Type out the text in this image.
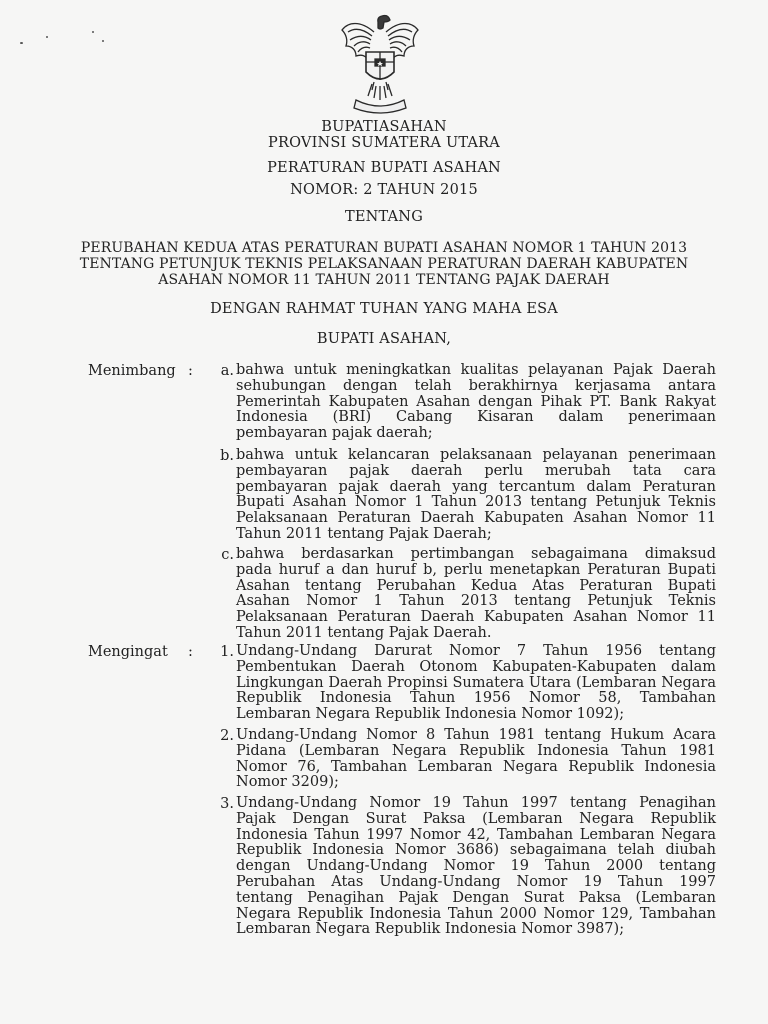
BUPATIASAHAN
PROVINSI SUMATERA UTARA
PERATURAN BUPATI ASAHAN
NOMOR: 2 TAHUN 2015
TENTANG
PERUBAHAN KEDUA ATAS PERATURAN BUPATI ASAHAN NOMOR 1 TAHUN 2013
TENTANG PETUNJUK TEKNIS PELAKSANAAN PERATURAN DAERAH KABUPATEN
ASAHAN NOMOR 11 TAHUN 2011 TENTANG PAJAK DAERAH
DENGAN RAHMAT TUHAN YANG MAHA ESA
BUPATI ASAHAN,
Menimbang :	a. bahwa untuk meningkatkan kualitas pelayanan Pajak Daerah
sehubungan dengan telah berakhirnya kerjasama antara
Pemerintah Kabupaten Asahan dengan Pihak PT. Bank Rakyat
Indonesia (BRI) Cabang Kisaran dalam penerimaan
pembayaran pajak daerah;
b. bahwa untuk kelancaran pelaksanaan pelayanan penerimaan
pembayaran pajak daerah perlu merubah tata cara
pembayaran pajak daerah yang tercantum dalam Peraturan
Bupati Asahan Nomor 1 Tahun 2013 tentang Petunjuk Teknis
Pelaksanaan Peraturan Daerah Kabupaten Asahan Nomor 11
Tahun 2011 tentang Pajak Daerah;
c. bahwa berdasarkan pertimbangan sebagaimana dimaksud
pada huruf a dan huruf b, perlu menetapkan Peraturan Bupati
Asahan tentang Perubahan Kedua Atas Peraturan Bupati
Asahan Nomor 1 Tahun 2013 tentang Petunjuk Teknis
Pelaksanaan Peraturan Daerah Kabupaten Asahan Nomor 11
Tahun 2011 tentang Pajak Daerah.
Mengingat	:	1. Undang-Undang Darurat Nomor 7 Tahun 1956 tentang
Pembentukan Daerah Otonom Kabupaten-Kabupaten dalam
Lingkungan Daerah Propinsi Sumatera Utara (Lembaran Negara
Republik Indonesia Tahun 1956 Nomor 58, Tambahan
Lembaran Negara Republik Indonesia Nomor 1092);
2. Undang-Undang Nomor 8 Tahun 1981 tentang Hukum Acara
Pidana (Lembaran Negara Republik Indonesia Tahun 1981
Nomor 76, Tambahan Lembaran Negara Republik Indonesia
Nomor 3209);
3. Undang-Undang Nomor 19 Tahun 1997 tentang Penagihan
Pajak Dengan Surat Paksa (Lembaran Negara Republik
Indonesia Tahun 1997 Nomor 42, Tambahan Lembaran Negara
Republik Indonesia Nomor 3686) sebagaimana telah diubah
dengan Undang-Undang Nomor 19 Tahun 2000 tentang
Perubahan Atas Undang-Undang Nomor 19 Tahun 1997
tentang Penagihan Pajak Dengan Surat Paksa (Lembaran
Negara Republik Indonesia Tahun 2000 Nomor 129, Tambahan
Lembaran Negara Republik Indonesia Nomor 3987);
